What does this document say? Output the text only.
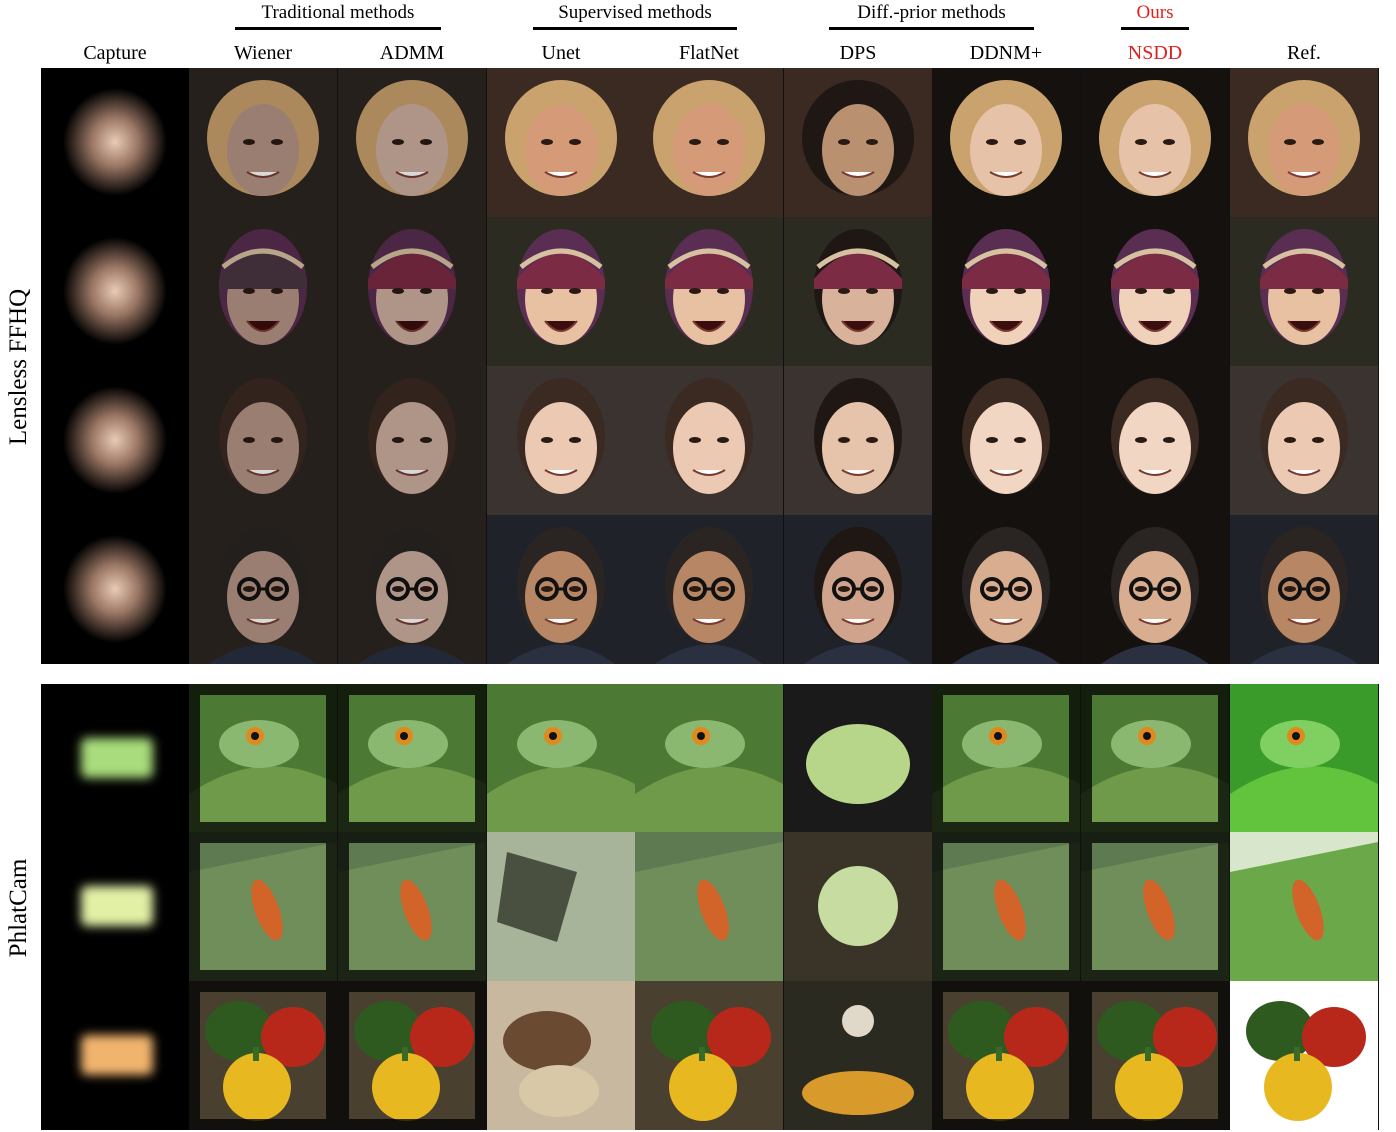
Traditional methods	Supervised methods	Diff.-prior methods	Ours
Capture	Wiener	ADMM	Unet	FlatNet	DPS	DDNM+	NSDD	Ref.
Lensless FFHQ
PhlatCam
